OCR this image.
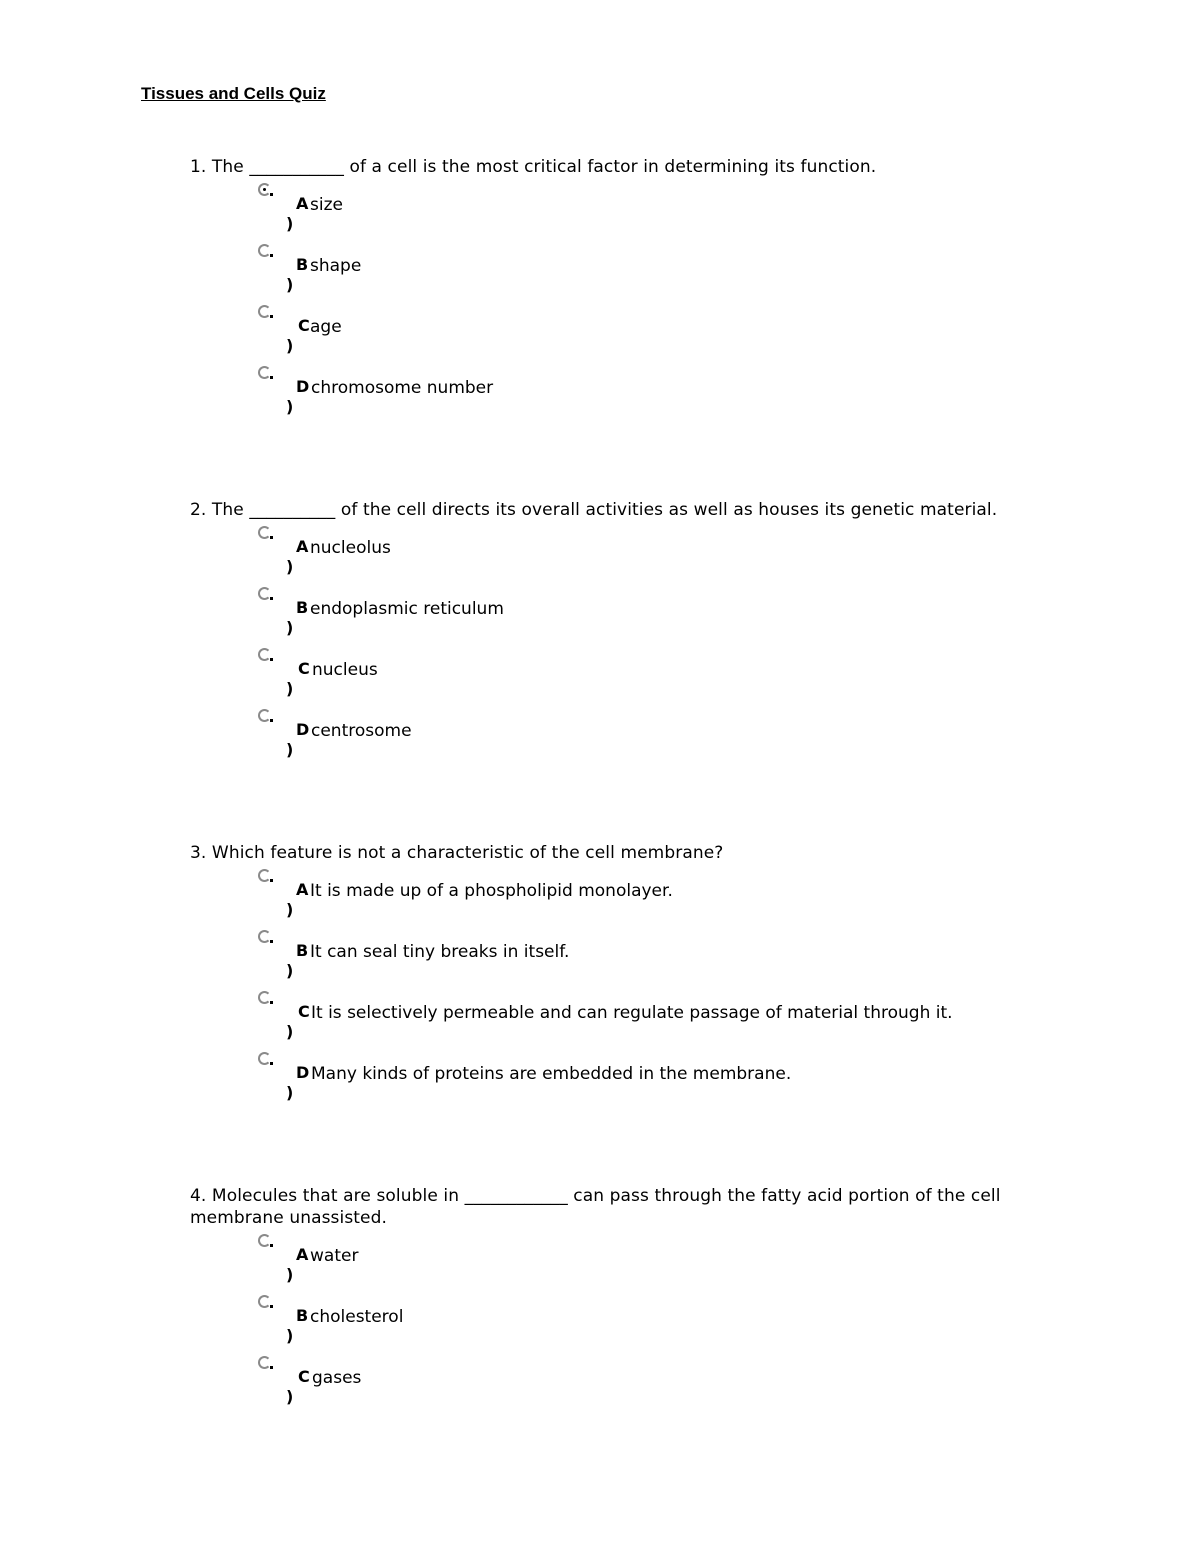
Tissues and Cells Quiz
1. The ___________ of a cell is the most critical factor in determining its function.
A
)
size
B
)
shape
C
)
age
D
)
chromosome number
2. The __________ of the cell directs its overall activities as well as houses its genetic material.
A
)
nucleolus
B
)
endoplasmic reticulum
C
)
nucleus
D
)
centrosome
3. Which feature is not a characteristic of the cell membrane?
A
)
It is made up of a phospholipid monolayer.
B
)
It can seal tiny breaks in itself.
C
)
It is selectively permeable and can regulate passage of material through it.
D
)
Many kinds of proteins are embedded in the membrane.
4. Molecules that are soluble in ____________ can pass through the fatty acid portion of the cell membrane unassisted.
A
)
water
B
)
cholesterol
C
)
gases
